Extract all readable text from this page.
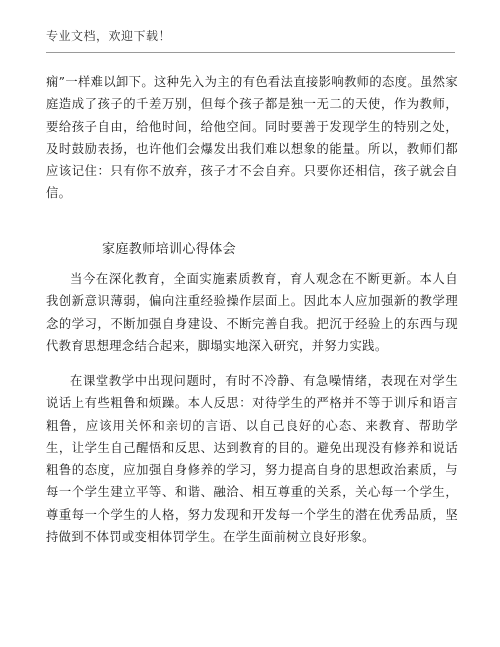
专业文档，欢迎下载！

痫”一样难以卸下。这种先入为主的有色看法直接影响教师的态度。虽然家庭造成了孩子的千差万别，但每个孩子都是独一无二的天使，作为教师，要给孩子自由，给他时间，给他空间。同时要善于发现学生的特别之处，及时鼓励表扬，也许他们会爆发出我们难以想象的能量。所以，教师们都应该记住：只有你不放弃，孩子才不会自弃。只要你还相信，孩子就会自信。

家庭教师培训心得体会

当今在深化教育，全面实施素质教育，育人观念在不断更新。本人自我创新意识薄弱，偏向注重经验操作层面上。因此本人应加强新的教学理念的学习，不断加强自身建设、不断完善自我。把沉于经验上的东西与现代教育思想理念结合起来，脚塌实地深入研究，并努力实践。

在课堂教学中出现问题时，有时不冷静、有急噪情绪，表现在对学生说话上有些粗鲁和烦躁。本人反思：对待学生的严格并不等于训斥和语言粗鲁，应该用关怀和亲切的言语、以自己良好的心态、来教育、帮助学生，让学生自己醒悟和反思、达到教育的目的。避免出现没有修养和说话粗鲁的态度，应加强自身修养的学习，努力提高自身的思想政治素质，与每一个学生建立平等、和谐、融洽、相互尊重的关系，关心每一个学生，尊重每一个学生的人格，努力发现和开发每一个学生的潜在优秀品质，坚持做到不体罚或变相体罚学生。在学生面前树立良好形象。
